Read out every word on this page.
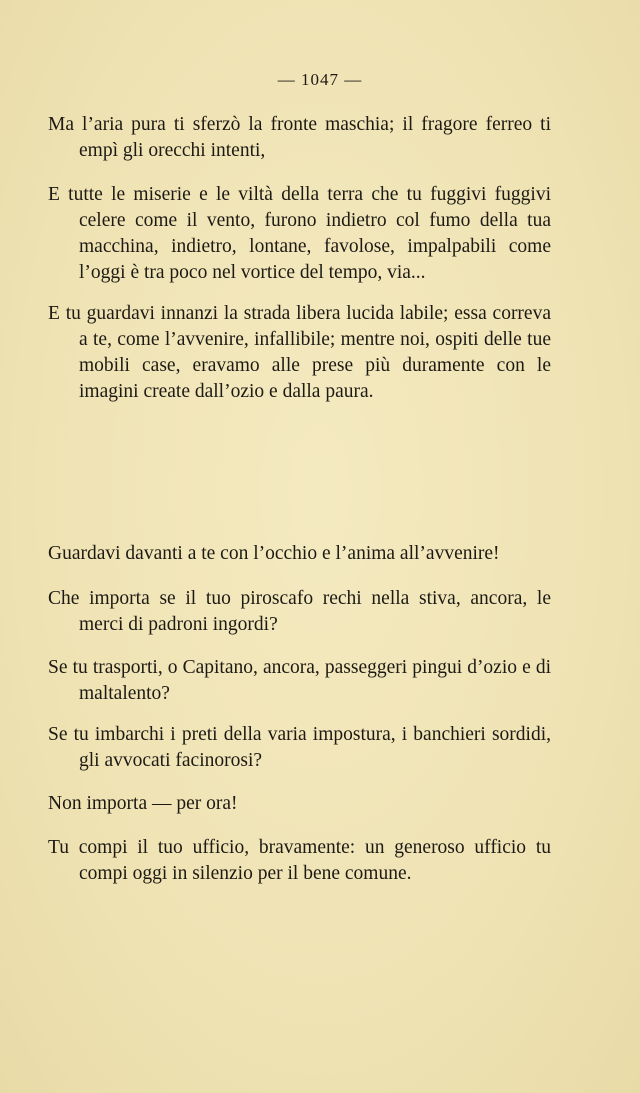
— 1047 —

Ma l’aria pura ti sferzò la fronte maschia; il fragore ferreo ti empì gli orecchi intenti,

E tutte le miserie e le viltà della terra che tu fuggivi fuggivi celere come il vento, furono indietro col fumo della tua macchina, indietro, lontane, favolose, impalpabili come l’oggi è tra poco nel vortice del tempo, via...

E tu guardavi innanzi la strada libera lucida labile; essa correva a te, come l’avvenire, infallibile; mentre noi, ospiti delle tue mobili case, eravamo alle prese più duramente con le imagini create dall’ozio e dalla paura.

Guardavi davanti a te con l’occhio e l’anima all’avvenire!

Che importa se il tuo piroscafo rechi nella stiva, ancora, le merci di padroni ingordi?

Se tu trasporti, o Capitano, ancora, passeggeri pingui d’ozio e di maltalento?

Se tu imbarchi i preti della varia impostura, i banchieri sordidi, gli avvocati facinorosi?

Non importa — per ora!

Tu compi il tuo ufficio, bravamente: un generoso ufficio tu compi oggi in silenzio per il bene comune.
